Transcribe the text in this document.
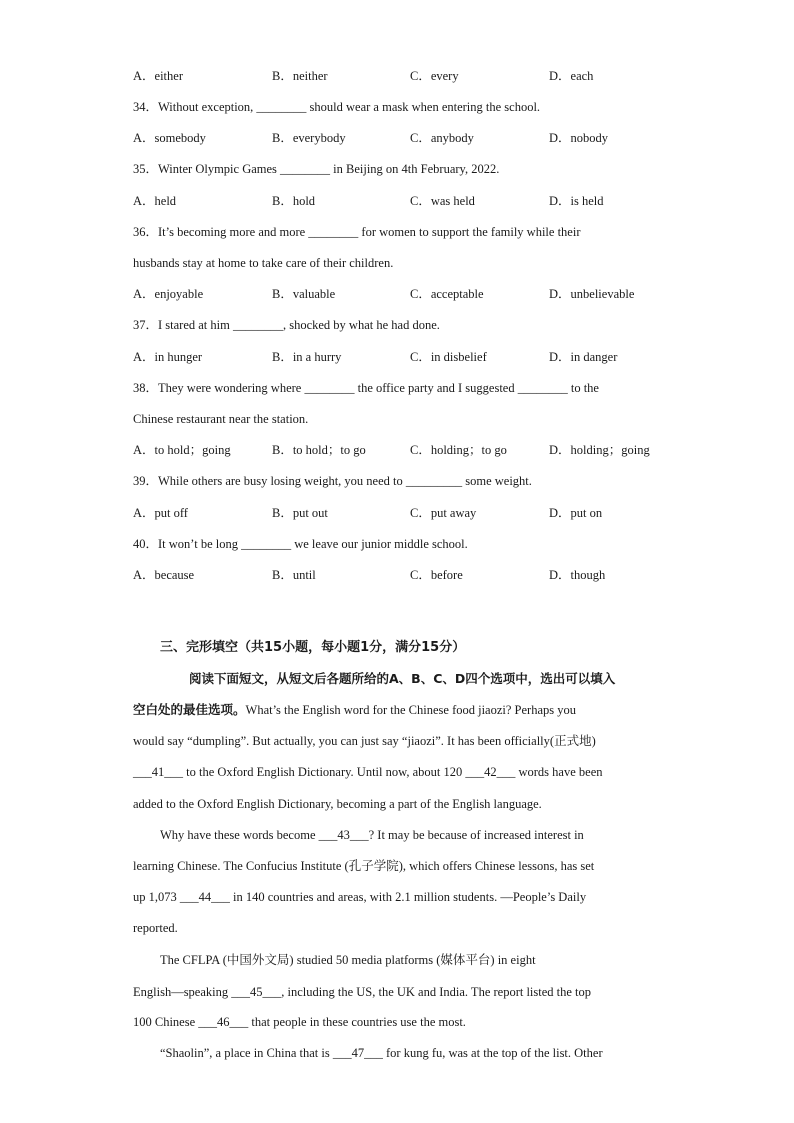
A．either	B．neither	C．every	D．each
34．Without exception, ________ should wear a mask when entering the school.
A．somebody	B．everybody	C．anybody	D．nobody
35．Winter Olympic Games ________ in Beijing on 4th February, 2022.
A．held	B．hold	C．was held	D．is held
36．It’s becoming more and more ________ for women to support the family while their
husbands stay at home to take care of their children.
A．enjoyable	B．valuable	C．acceptable	D．unbelievable
37．I stared at him ________, shocked by what he had done.
A．in hunger	B．in a hurry	C．in disbelief	D．in danger
38．They were wondering where ________ the office party and I suggested ________ to the
Chinese restaurant near the station.
A．to hold；going	B．to hold；to go	C．holding；to go	D．holding；going
39．While others are busy losing weight, you need to _________ some weight.
A．put off	B．put out	C．put away	D．put on
40．It won’t be long ________ we leave our junior middle school.
A．because	B．until	C．before	D．though
三、完形填空（共15小题，每小题1分，满分15分）
阅读下面短文，从短文后各题所给的A、B、C、D四个选项中，选出可以填入
空白处的最佳选项。What’s the English word for the Chinese food jiaozi? Perhaps you
would say “dumpling”. But actually, you can just say “jiaozi”. It has been officially(正式地)
___41___ to the Oxford English Dictionary. Until now, about 120 ___42___ words have been
added to the Oxford English Dictionary, becoming a part of the English language.
Why have these words become ___43___? It may be because of increased interest in
learning Chinese. The Confucius Institute (孔子学院), which offers Chinese lessons, has set
up 1,073 ___44___ in 140 countries and areas, with 2.1 million students. —People’s Daily
reported.
The CFLPA (中国外文局) studied 50 media platforms (媒体平台) in eight
English—speaking ___45___, including the US, the UK and India. The report listed the top
100 Chinese ___46___ that people in these countries use the most.
“Shaolin”, a place in China that is ___47___ for kung fu, was at the top of the list. Other
